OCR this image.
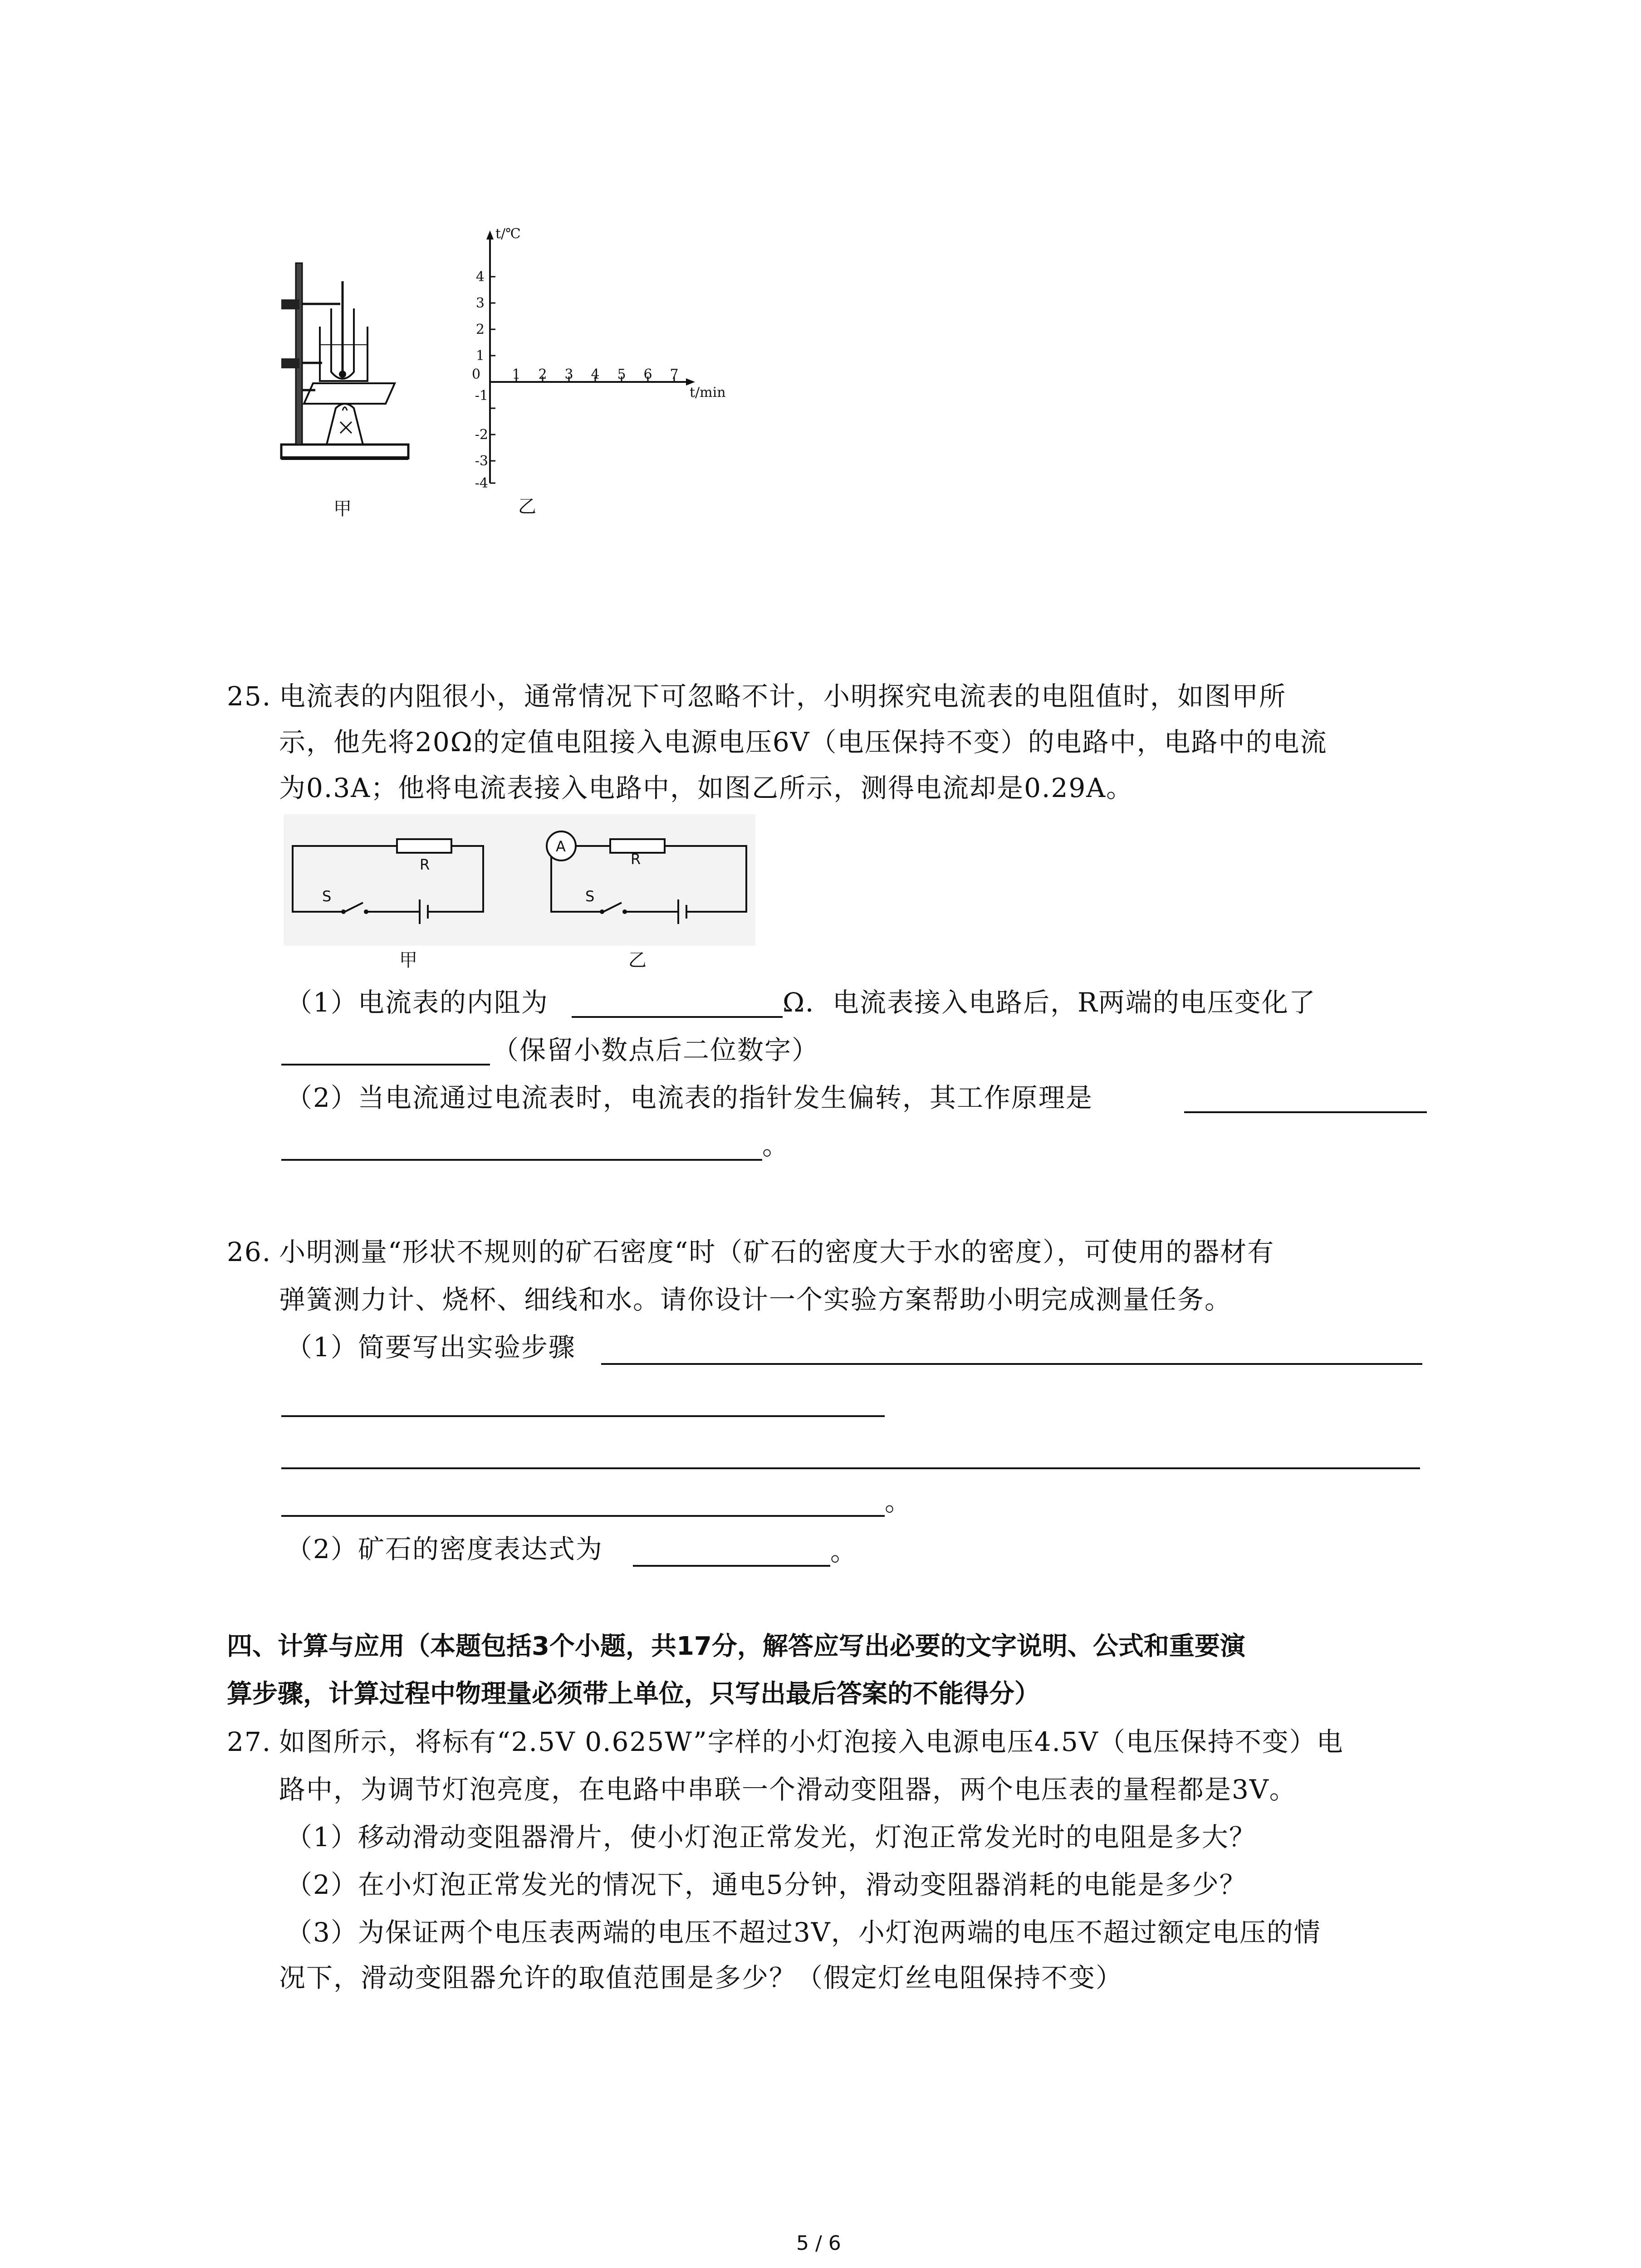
甲
t/℃
t/min
0
4
3
2
1
-1
-2
-3
-4
1 2 3 4 5 6 7
乙
25. 电流表的内阻很小，通常情况下可忽略不计，小明探究电流表的电阻值时，如图甲所
示，他先将20Ω的定值电阻接入电源电压6V（电压保持不变）的电路中，电路中的电流
为0.3A；他将电流表接入电路中，如图乙所示，测得电流却是0.29A。
R
S
A
R
S
甲	乙
（1）电流表的内阻为	Ω．电流表接入电路后，R两端的电压变化了
（保留小数点后二位数字）
（2）当电流通过电流表时，电流表的指针发生偏转，其工作原理是
。
26. 小明测量“形状不规则的矿石密度“时（矿石的密度大于水的密度），可使用的器材有
弹簧测力计、烧杯、细线和水。请你设计一个实验方案帮助小明完成测量任务。
（1）简要写出实验步骤
。
（2）矿石的密度表达式为	。
四、计算与应用（本题包括3个小题，共17分，解答应写出必要的文字说明、公式和重要演
算步骤，计算过程中物理量必须带上单位，只写出最后答案的不能得分）
27. 如图所示，将标有“2.5V 0.625W”字样的小灯泡接入电源电压4.5V（电压保持不变）电
路中，为调节灯泡亮度，在电路中串联一个滑动变阻器，两个电压表的量程都是3V。
（1）移动滑动变阻器滑片，使小灯泡正常发光，灯泡正常发光时的电阻是多大？
（2）在小灯泡正常发光的情况下，通电5分钟，滑动变阻器消耗的电能是多少？
（3）为保证两个电压表两端的电压不超过3V，小灯泡两端的电压不超过额定电压的情
况下，滑动变阻器允许的取值范围是多少？（假定灯丝电阻保持不变）
5 / 6
